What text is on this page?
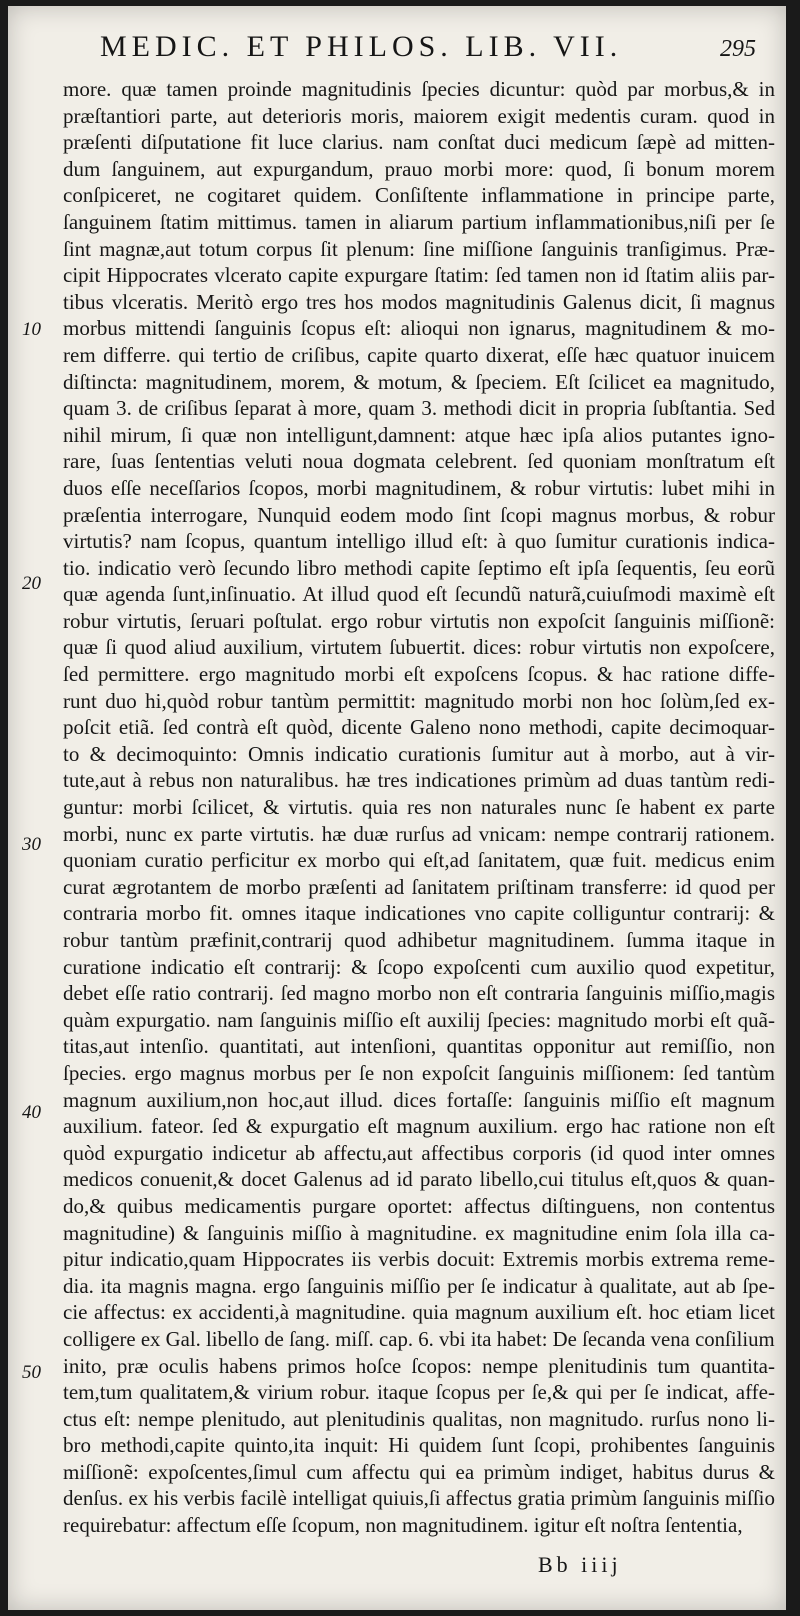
MEDIC. ET PHILOS. LIB. VII.	295
more. quæ tamen proinde magnitudinis ſpecies dicuntur: quòd par morbus,& in
præſtantiori parte, aut deterioris moris, maiorem exigit medentis curam. quod in
præſenti diſputatione fit luce clarius. nam conſtat duci medicum ſæpè ad mitten-
dum ſanguinem, aut expurgandum, prauo morbi more: quod, ſi bonum morem
conſpiceret, ne cogitaret quidem. Conſiſtente inflammatione in principe parte,
ſanguinem ſtatim mittimus. tamen in aliarum partium inflammationibus,niſi per ſe
ſint magnæ,aut totum corpus ſit plenum: ſine miſſione ſanguinis tranſigimus. Præ-
cipit Hippocrates vlcerato capite expurgare ſtatim: ſed tamen non id ſtatim aliis par-
tibus vlceratis. Meritò ergo tres hos modos magnitudinis Galenus dicit, ſi magnus
morbus mittendi ſanguinis ſcopus eſt: alioqui non ignarus, magnitudinem & mo-
rem differre. qui tertio de criſibus, capite quarto dixerat, eſſe hæc quatuor inuicem
diſtincta: magnitudinem, morem, & motum, & ſpeciem. Eſt ſcilicet ea magnitudo,
quam 3. de criſibus ſeparat à more, quam 3. methodi dicit in propria ſubſtantia. Sed
nihil mirum, ſi quæ non intelligunt,damnent: atque hæc ipſa alios putantes igno-
rare, ſuas ſententias veluti noua dogmata celebrent. ſed quoniam monſtratum eſt
duos eſſe neceſſarios ſcopos, morbi magnitudinem, & robur virtutis: lubet mihi in
præſentia interrogare, Nunquid eodem modo ſint ſcopi magnus morbus, & robur
virtutis? nam ſcopus, quantum intelligo illud eſt: à quo ſumitur curationis indica-
tio. indicatio verò ſecundo libro methodi capite ſeptimo eſt ipſa ſequentis, ſeu eorũ
quæ agenda ſunt,inſinuatio. At illud quod eſt ſecundũ naturã,cuiuſmodi maximè eſt
robur virtutis, ſeruari poſtulat. ergo robur virtutis non expoſcit ſanguinis miſſionẽ:
quæ ſi quod aliud auxilium, virtutem ſubuertit. dices: robur virtutis non expoſcere,
ſed permittere. ergo magnitudo morbi eſt expoſcens ſcopus. & hac ratione diffe-
runt duo hi,quòd robur tantùm permittit: magnitudo morbi non hoc ſolùm,ſed ex-
poſcit etiã. ſed contrà eſt quòd, dicente Galeno nono methodi, capite decimoquar-
to & decimoquinto: Omnis indicatio curationis ſumitur aut à morbo, aut à vir-
tute,aut à rebus non naturalibus. hæ tres indicationes primùm ad duas tantùm redi-
guntur: morbi ſcilicet, & virtutis. quia res non naturales nunc ſe habent ex parte
morbi, nunc ex parte virtutis. hæ duæ rurſus ad vnicam: nempe contrarij rationem.
quoniam curatio perficitur ex morbo qui eſt,ad ſanitatem, quæ fuit. medicus enim
curat ægrotantem de morbo præſenti ad ſanitatem priſtinam transferre: id quod per
contraria morbo fit. omnes itaque indicationes vno capite colliguntur contrarij: &
robur tantùm præfinit,contrarij quod adhibetur magnitudinem. ſumma itaque in
curatione indicatio eſt contrarij: & ſcopo expoſcenti cum auxilio quod expetitur,
debet eſſe ratio contrarij. ſed magno morbo non eſt contraria ſanguinis miſſio,magis
quàm expurgatio. nam ſanguinis miſſio eſt auxilij ſpecies: magnitudo morbi eſt quã-
titas,aut intenſio. quantitati, aut intenſioni, quantitas opponitur aut remiſſio, non
ſpecies. ergo magnus morbus per ſe non expoſcit ſanguinis miſſionem: ſed tantùm
magnum auxilium,non hoc,aut illud. dices fortaſſe: ſanguinis miſſio eſt magnum
auxilium. fateor. ſed & expurgatio eſt magnum auxilium. ergo hac ratione non eſt
quòd expurgatio indicetur ab affectu,aut affectibus corporis (id quod inter omnes
medicos conuenit,& docet Galenus ad id parato libello,cui titulus eſt,quos & quan-
do,& quibus medicamentis purgare oportet: affectus diſtinguens, non contentus
magnitudine) & ſanguinis miſſio à magnitudine. ex magnitudine enim ſola illa ca-
pitur indicatio,quam Hippocrates iis verbis docuit: Extremis morbis extrema reme-
dia. ita magnis magna. ergo ſanguinis miſſio per ſe indicatur à qualitate, aut ab ſpe-
cie affectus: ex accidenti,à magnitudine. quia magnum auxilium eſt. hoc etiam licet
colligere ex Gal. libello de ſang. miſſ. cap. 6. vbi ita habet: De ſecanda vena conſilium
inito, præ oculis habens primos hoſce ſcopos: nempe plenitudinis tum quantita-
tem,tum qualitatem,& virium robur. itaque ſcopus per ſe,& qui per ſe indicat, affe-
ctus eſt: nempe plenitudo, aut plenitudinis qualitas, non magnitudo. rurſus nono li-
bro methodi,capite quinto,ita inquit: Hi quidem ſunt ſcopi, prohibentes ſanguinis
miſſionẽ: expoſcentes,ſimul cum affectu qui ea primùm indiget, habitus durus &
denſus. ex his verbis facilè intelligat quiuis,ſi affectus gratia primùm ſanguinis miſſio
requirebatur: affectum eſſe ſcopum, non magnitudinem. igitur eſt noſtra ſententia,
10
20
30
40
50
Bb iiij
